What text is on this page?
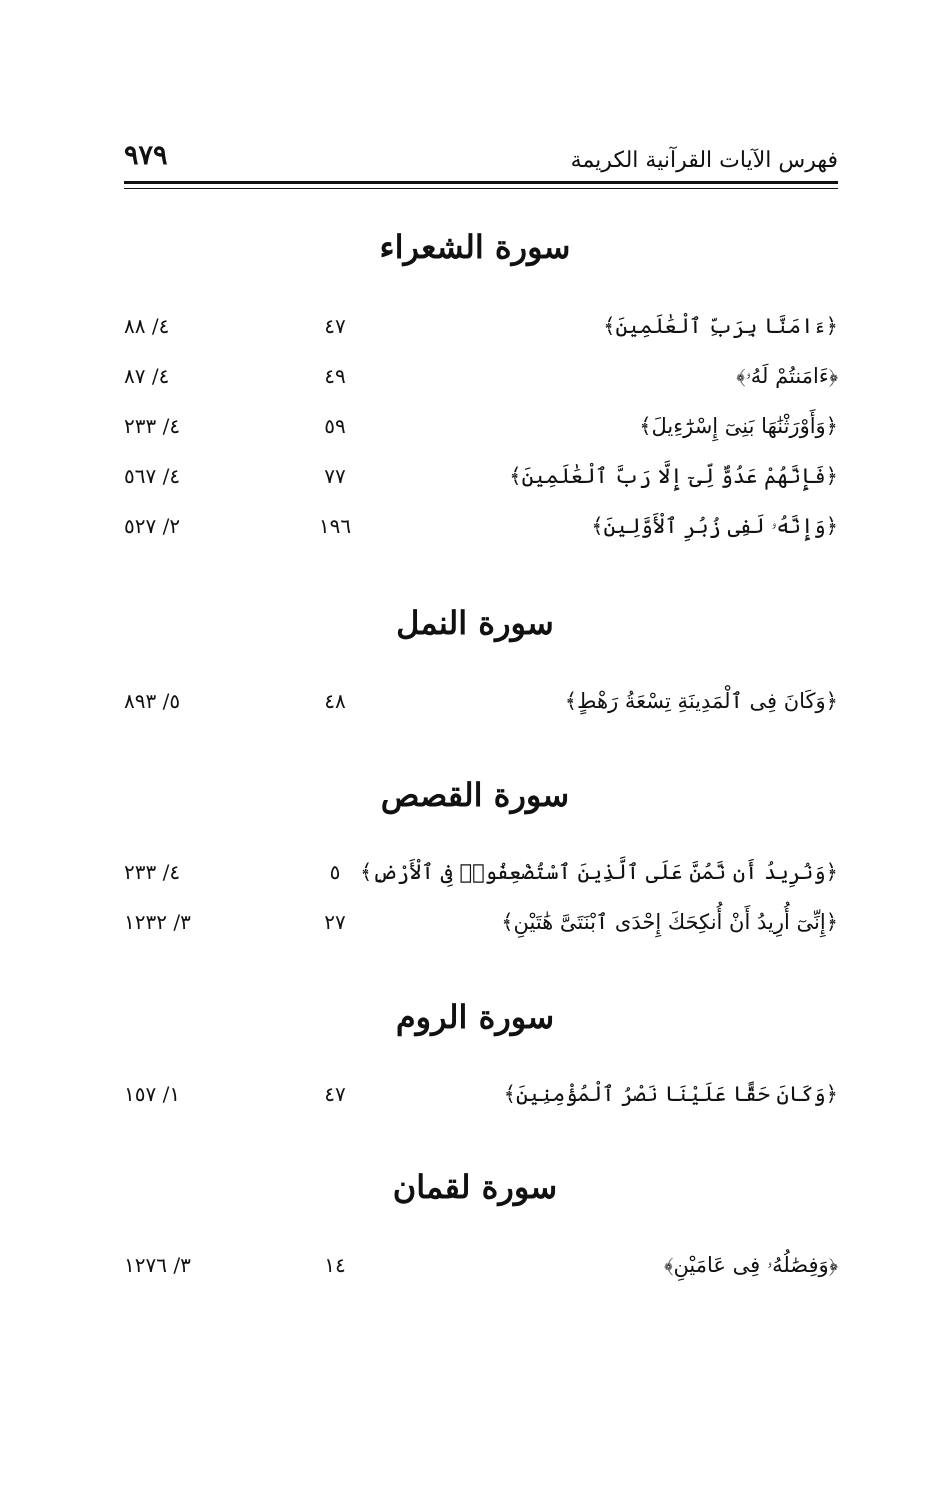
فهرس الآيات القرآنية الكريمة
٩٧٩
سورة الشعراء
﴿ءَامَنَّا بِرَبِّ ٱلْعَٰلَمِينَ﴾
٤٧
٤/ ٨٨
﴿ءَامَنتُمْ لَهُۥ﴾
٤٩
٤/ ٨٧
﴿وَأَوْرَثْنَٰهَا بَنِىٓ إِسْرَٰٓءِيلَ﴾
٥٩
٤/ ٢٣٣
﴿فَإِنَّهُمْ عَدُوٌّ لِّىٓ إِلَّا رَبَّ ٱلْعَٰلَمِينَ﴾
٧٧
٤/ ٥٦٧
﴿وَإِنَّهُۥ لَفِى زُبُرِ ٱلْأَوَّلِينَ﴾
١٩٦
٢/ ٥٢٧
سورة النمل
﴿وَكَانَ فِى ٱلْمَدِينَةِ تِسْعَةُ رَهْطٍ﴾
٤٨
٥/ ٨٩٣
سورة القصص
﴿وَنُرِيدُ أَن نَّمُنَّ عَلَى ٱلَّذِينَ ٱسْتُضْعِفُوا۟ فِى ٱلْأَرْضِ﴾
٥
٤/ ٢٣٣
﴿إِنِّىٓ أُرِيدُ أَنْ أُنكِحَكَ إِحْدَى ٱبْنَتَىَّ هَٰتَيْنِ﴾
٢٧
٣/ ١٢٣٢
سورة الروم
﴿وَكَانَ حَقًّا عَلَيْنَا نَصْرُ ٱلْمُؤْمِنِينَ﴾
٤٧
١/ ١٥٧
سورة لقمان
﴿وَفِصَٰلُهُۥ فِى عَامَيْنِ﴾
١٤
٣/ ١٢٧٦
